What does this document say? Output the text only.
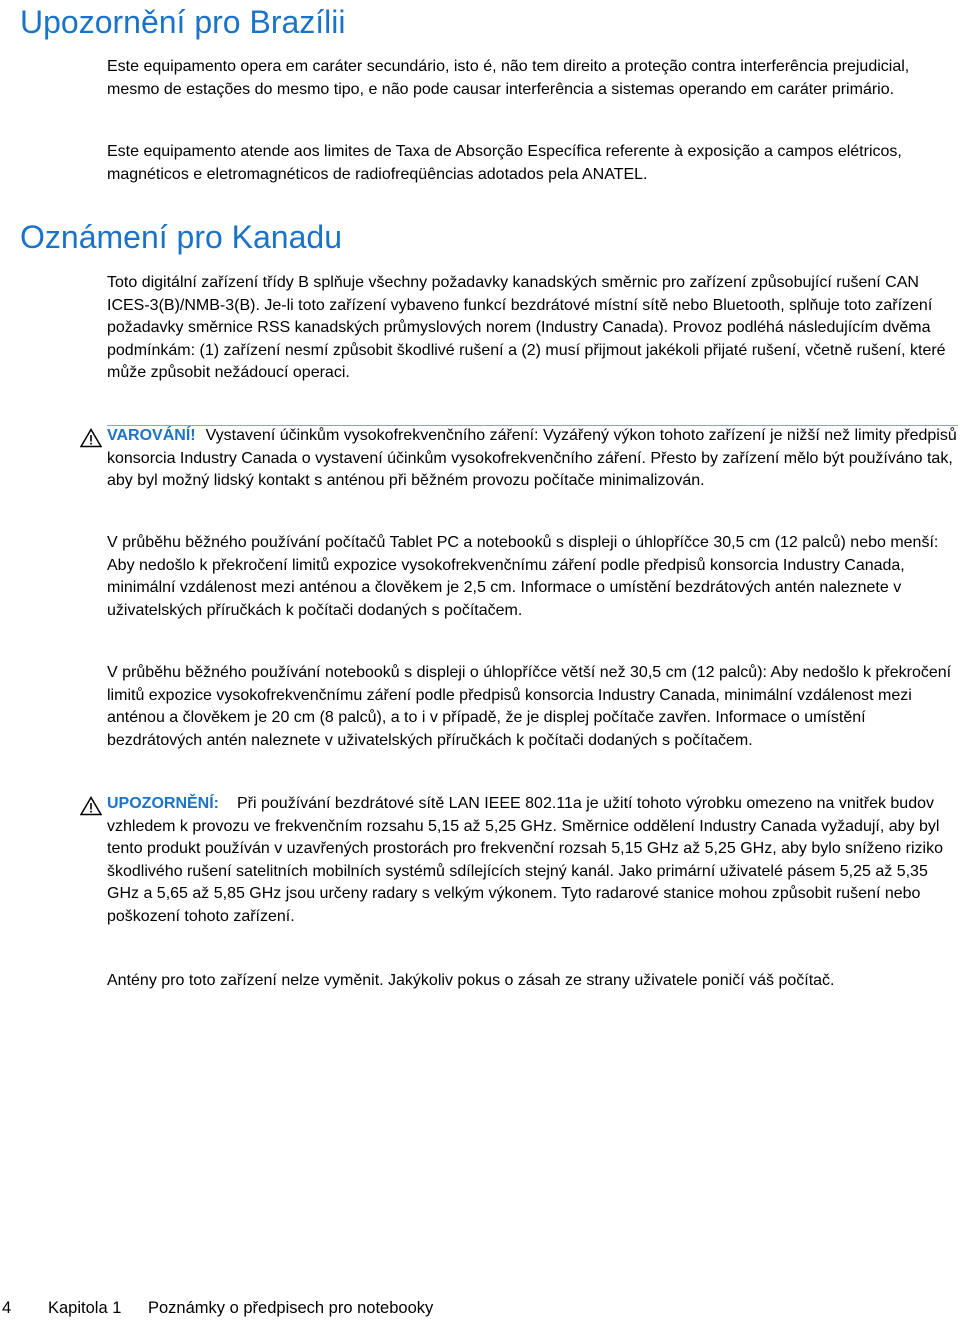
Upozornění pro Brazílii

Este equipamento opera em caráter secundário, isto é, não tem direito a proteção contra interferência prejudicial, mesmo de estações do mesmo tipo, e não pode causar interferência a sistemas operando em caráter primário.

Este equipamento atende aos limites de Taxa de Absorção Específica referente à exposição a campos elétricos, magnéticos e eletromagnéticos de radiofreqüências adotados pela ANATEL.

Oznámení pro Kanadu

Toto digitální zařízení třídy B splňuje všechny požadavky kanadských směrnic pro zařízení způsobující rušení CAN ICES-3(B)/NMB-3(B). Je-li toto zařízení vybaveno funkcí bezdrátové místní sítě nebo Bluetooth, splňuje toto zařízení požadavky směrnice RSS kanadských průmyslových norem (Industry Canada). Provoz podléhá následujícím dvěma podmínkám: (1) zařízení nesmí způsobit škodlivé rušení a (2) musí přijmout jakékoli přijaté rušení, včetně rušení, které může způsobit nežádoucí operaci.

VAROVÁNÍ! Vystavení účinkům vysokofrekvenčního záření: Vyzářený výkon tohoto zařízení je nižší než limity předpisů konsorcia Industry Canada o vystavení účinkům vysokofrekvenčního záření. Přesto by zařízení mělo být používáno tak, aby byl možný lidský kontakt s anténou při běžném provozu počítače minimalizován.

V průběhu běžného používání počítačů Tablet PC a notebooků s displeji o úhlopříčce 30,5 cm (12 palců) nebo menší: Aby nedošlo k překročení limitů expozice vysokofrekvenčnímu záření podle předpisů konsorcia Industry Canada, minimální vzdálenost mezi anténou a člověkem je 2,5 cm. Informace o umístění bezdrátových antén naleznete v uživatelských příručkách k počítači dodaných s počítačem.

V průběhu běžného používání notebooků s displeji o úhlopříčce větší než 30,5 cm (12 palců): Aby nedošlo k překročení limitů expozice vysokofrekvenčnímu záření podle předpisů konsorcia Industry Canada, minimální vzdálenost mezi anténou a člověkem je 20 cm (8 palců), a to i v případě, že je displej počítače zavřen. Informace o umístění bezdrátových antén naleznete v uživatelských příručkách k počítači dodaných s počítačem.

UPOZORNĚNÍ: Při používání bezdrátové sítě LAN IEEE 802.11a je užití tohoto výrobku omezeno na vnitřek budov vzhledem k provozu ve frekvenčním rozsahu 5,15 až 5,25 GHz. Směrnice oddělení Industry Canada vyžadují, aby byl tento produkt používán v uzavřených prostorách pro frekvenční rozsah 5,15 GHz až 5,25 GHz, aby bylo sníženo riziko škodlivého rušení satelitních mobilních systémů sdílejících stejný kanál. Jako primární uživatelé pásem 5,25 až 5,35 GHz a 5,65 až 5,85 GHz jsou určeny radary s velkým výkonem. Tyto radarové stanice mohou způsobit rušení nebo poškození tohoto zařízení.

Antény pro toto zařízení nelze vyměnit. Jakýkoliv pokus o zásah ze strany uživatele poničí váš počítač.

4 Kapitola 1 Poznámky o předpisech pro notebooky
